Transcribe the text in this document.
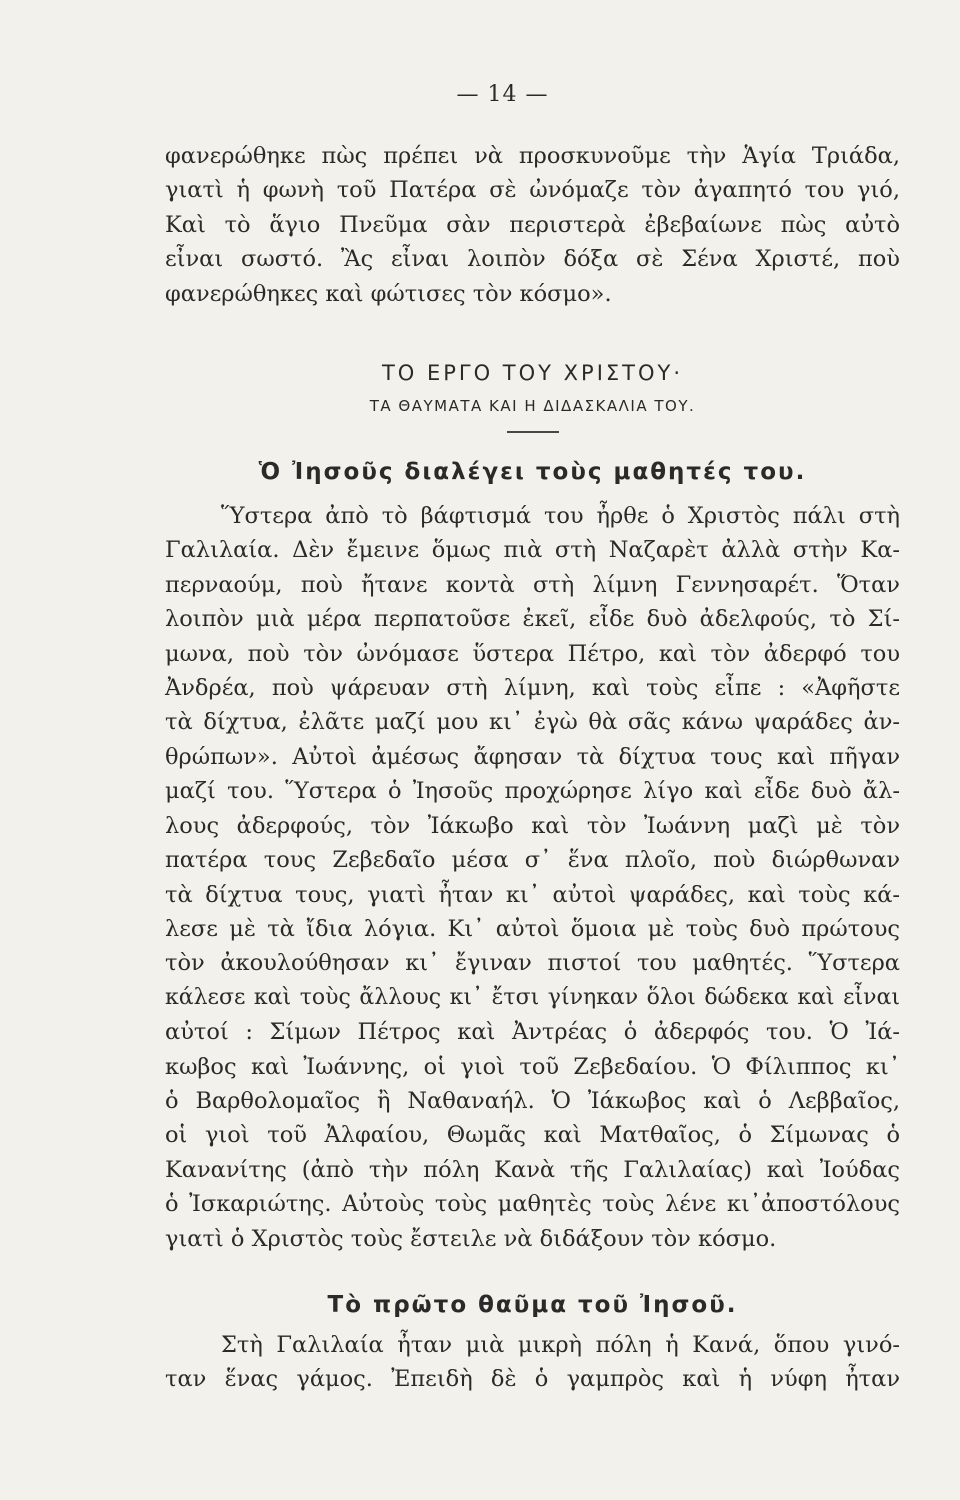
— 14 —

φανερώθηκε πὼς πρέπει νὰ προσκυνοῦμε τὴν Ἁγία Τριάδα,
γιατὶ ἡ φωνὴ τοῦ Πατέρα σὲ ὠνόμαζε τὸν ἀγαπητό του γιό,
Καὶ τὸ ἅγιο Πνεῦμα σὰν περιστερὰ ἐβεβαίωνε πὼς αὐτὸ
εἶναι σωστό. Ἂς εἶναι λοιπὸν δόξα σὲ Σένα Χριστέ, ποὺ
φανερώθηκες καὶ φώτισες τὸν κόσμο».

ΤΟ ΕΡΓΟ ΤΟΥ ΧΡΙΣΤΟΥ·
ΤΑ ΘΑΥΜΑΤΑ ΚΑΙ Η ΔΙΔΑΣΚΑΛΙΑ ΤΟΥ.
Ὁ Ἰησοῦς διαλέγει τοὺς μαθητές του.

Ὕστερα ἀπὸ τὸ βάφτισμά του ἦρθε ὁ Χριστὸς πάλι στὴ
Γαλιλαία. Δὲν ἔμεινε ὅμως πιὰ στὴ Ναζαρὲτ ἀλλὰ στὴν Κα-
περναούμ, ποὺ ἤτανε κοντὰ στὴ λίμνη Γεννησαρέτ. Ὅταν
λοιπὸν μιὰ μέρα περπατοῦσε ἐκεῖ, εἶδε δυὸ ἀδελφούς, τὸ Σί-
μωνα, ποὺ τὸν ὠνόμασε ὕστερα Πέτρο, καὶ τὸν ἀδερφό του
Ἀνδρέα, ποὺ ψάρευαν στὴ λίμνη, καὶ τοὺς εἶπε : «Ἀφῆστε
τὰ δίχτυα, ἐλᾶτε μαζί μου κι᾿ ἐγὼ θὰ σᾶς κάνω ψαράδες ἀν-
θρώπων». Αὐτοὶ ἀμέσως ἄφησαν τὰ δίχτυα τους καὶ πῆγαν
μαζί του. Ὕστερα ὁ Ἰησοῦς προχώρησε λίγο καὶ εἶδε δυὸ ἄλ-
λους ἀδερφούς, τὸν Ἰάκωβο καὶ τὸν Ἰωάννη μαζὶ μὲ τὸν
πατέρα τους Ζεβεδαῖο μέσα σ᾿ ἕνα πλοῖο, ποὺ διώρθωναν
τὰ δίχτυα τους, γιατὶ ἦταν κι᾿ αὐτοὶ ψαράδες, καὶ τοὺς κά-
λεσε μὲ τὰ ἴδια λόγια. Κι᾿ αὐτοὶ ὅμοια μὲ τοὺς δυὸ πρώτους
τὸν ἀκουλούθησαν κι᾿ ἔγιναν πιστοί του μαθητές. Ὕστερα
κάλεσε καὶ τοὺς ἄλλους κι᾿ ἔτσι γίνηκαν ὅλοι δώδεκα καὶ εἶναι
αὐτοί : Σίμων Πέτρος καὶ Ἀντρέας ὁ ἀδερφός του. Ὁ Ἰά-
κωβος καὶ Ἰωάννης, οἱ γιοὶ τοῦ Ζεβεδαίου. Ὁ Φίλιππος κι᾿
ὁ Βαρθολομαῖος ἢ Ναθαναήλ. Ὁ Ἰάκωβος καὶ ὁ Λεββαῖος,
οἱ γιοὶ τοῦ Ἀλφαίου, Θωμᾶς καὶ Ματθαῖος, ὁ Σίμωνας ὁ
Κανανίτης (ἀπὸ τὴν πόλη Κανὰ τῆς Γαλιλαίας) καὶ Ἰούδας
ὁ Ἰσκαριώτης. Αὐτοὺς τοὺς μαθητὲς τοὺς λένε κι᾿ἀποστόλους
γιατὶ ὁ Χριστὸς τοὺς ἔστειλε νὰ διδάξουν τὸν κόσμο.

Τὸ πρῶτο θαῦμα τοῦ Ἰησοῦ.

Στὴ Γαλιλαία ἦταν μιὰ μικρὴ πόλη ἡ Κανά, ὅπου γινό-
ταν ἕνας γάμος. Ἐπειδὴ δὲ ὁ γαμπρὸς καὶ ἡ νύφη ἦταν
